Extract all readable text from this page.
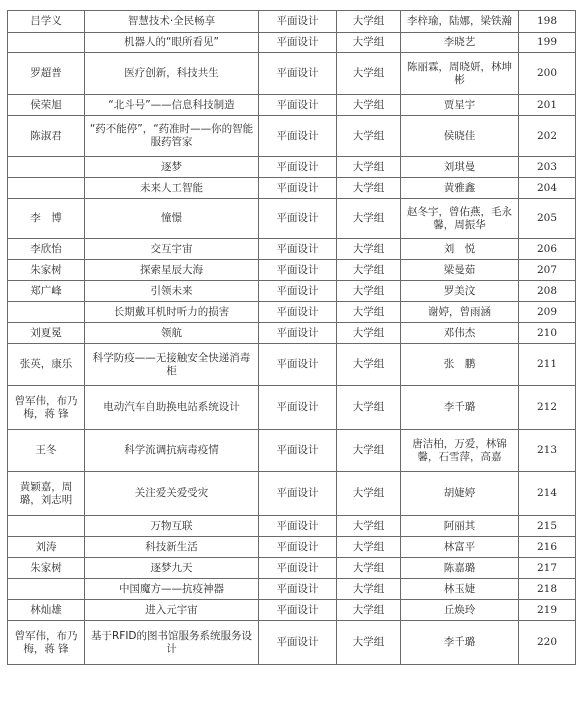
吕学义	智慧技术·全民畅享	平面设计	大学组	李梓瑜，陆娜，梁铁瀚	198
	机器人的“眼所看见”	平面设计	大学组	李晓艺	199
罗超普	医疗创新，科技共生	平面设计	大学组	陈丽霖，周晓妍，林坤彬	200
侯荣旭	“北斗号”——信息科技制造	平面设计	大学组	贾星宇	201
陈淑君	“药不能停”，“药准时——你的智能服药管家	平面设计	大学组	侯晓佳	202
	逐梦	平面设计	大学组	刘琪曼	203
	未来人工智能	平面设计	大学组	黄雅鑫	204
李　博	憧憬	平面设计	大学组	赵冬宇，曾佑燕，毛永馨，周振华	205
李欣怡	交互宇宙	平面设计	大学组	刘　悦	206
朱家树	探索星辰大海	平面设计	大学组	梁曼茹	207
郑广峰	引领未来	平面设计	大学组	罗美汶	208
	长期戴耳机时听力的损害	平面设计	大学组	谢婷，曾雨涵	209
刘夏冕	领航	平面设计	大学组	邓伟杰	210
张英，康乐	科学防疫——无接触安全快递消毒柜	平面设计	大学组	张　鹏	211
曾军伟，布乃梅，蒋 锋	电动汽车自助换电站系统设计	平面设计	大学组	李千璐	212
王冬	科学流调抗病毒疫情	平面设计	大学组	唐洁柏，万爱，林锦馨，石雪萍，高嘉	213
黄颖嘉，周璐，刘志明	关注爱关爱受灾	平面设计	大学组	胡婕婷	214
	万物互联	平面设计	大学组	阿丽其	215
刘涛	科技新生活	平面设计	大学组	林富平	216
朱家树	逐梦九天	平面设计	大学组	陈嘉璐	217
	中国魔方——抗疫神器	平面设计	大学组	林玉婕	218
林灿雄	进入元宇宙	平面设计	大学组	丘焕玲	219
曾军伟，布乃梅，蒋 锋	基于RFID的图书馆服务系统服务设计	平面设计	大学组	李千璐	220
